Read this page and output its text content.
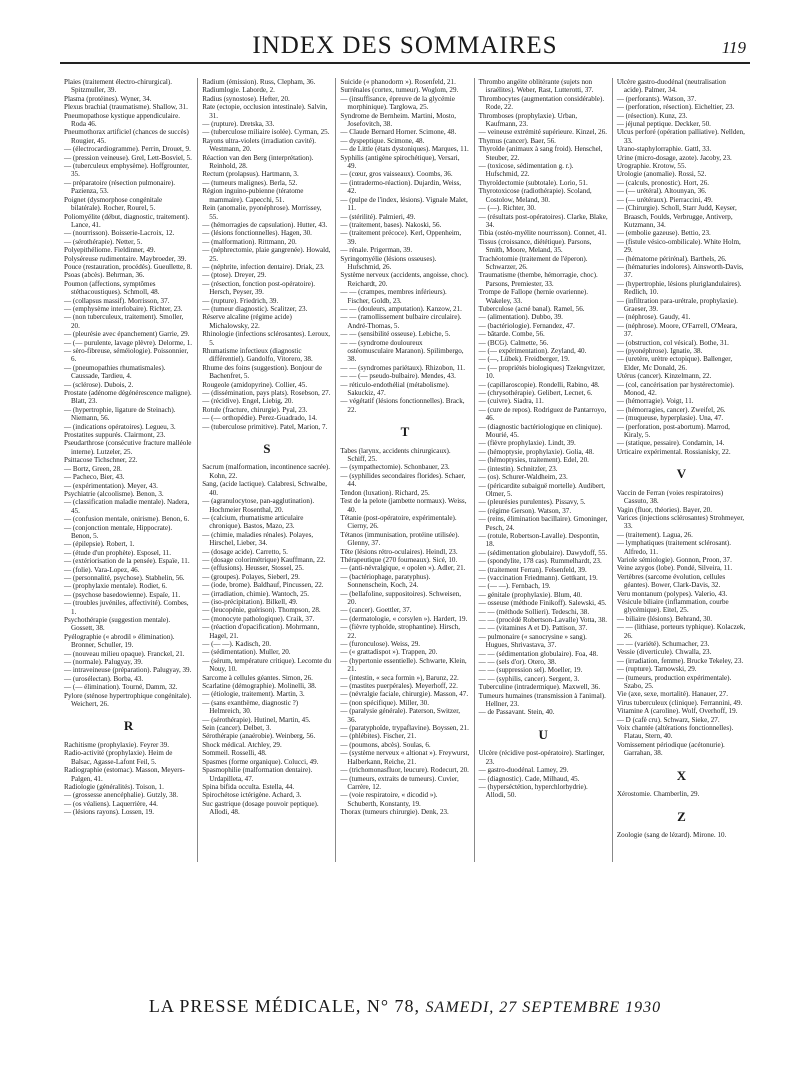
INDEX DES SOMMAIRES	119

Plaies (traitement électro-chirurgical). Spitzmuller, 39.

Plasma (protéines). Wyner, 34.

Plexus brachial (traumatisme). Shallow, 31.

Pneumopathose kystique appendiculaire. Roda 46.

Pneumothorax artificiel (chances de succès) Rougier, 45.

— (électrocardiogramme). Perrin, Drouet, 9.

— (pression veineuse). Grel, Lett-Bosviel, 5.

— (tuberculeux emphysème). Hoffgrounter, 35.

— préparatoire (résection pulmonaire). Pazienza, 53.

Poignet (dysmorphose congénitale bilatérale). Rocher, Rourel, 5.

Poliomyélite (début, diagnostic, traitement). Lance, 41.

— (nourrisson). Boisserie-Lacroix, 12.

— (sérothérapie). Netter, 5.

Polyepithéliome. Fieldinner, 49.

Polyséreuse rudimentaire. Maybroeder, 39.

Pouce (restauration, procédés). Gueullette, 8.

Psoas (abcès). Behrman, 36.

Poumon (affections, symptômes stéthacoustiques). Schmoll, 48.

— (collapsus massif). Morrisson, 37.

— (emphysème interlobaire). Richter, 23.

— (non tuberculeux, traitement). Smoller, 20.

— (pleurésie avec épanchement) Garrie, 29.

— (— purulente, lavage plèvre). Delorme, 1.

— sèro-fibreuse, séméiologie). Poissonnier, 6.

— (pneumopathies rhumatismales). Caussade, Tardieu, 4.

— (sclérose). Dubois, 2.

Prostate (adénome dégénérescence maligne). Blatt, 23.

— (hypertrophie, ligature de Steinach). Niemann, 56.

— (indications opératoires). Legueu, 3.

Prostatites suppurés. Clairmont, 23.

Pseudarthrose (consécutive fracture malléole interne). Lutzeler, 25.

Psittacose Tichschner, 22.

— Bortz, Green, 28.

— Pacheco, Bier, 43.

— (expérimentation). Meyer, 43.

Psychiatrie (alcoolisme). Benon, 3.

— (classification maladie mentale). Nadera, 45.

— (confusion mentale, onirisme). Benon, 6.

— (conjonction mentale, Hippocrate). Benon, 5.

— (épilepsie). Robert, 1.

— (étude d'un prophète). Esposel, 11.

— (extériorisation de la pensée). Espaïe, 11.

— (folie). Vara-Lopez, 46.

— (personnalité, psychose). Stabhelin, 56.

— (prophylaxie mentale). Rodiet, 6.

— (psychose basedowienne). Espaïe, 11.

— (troubles juvéniles, affectivité). Combes, 1.

Psychothérapie (suggestion mentale). Gossett, 38.

Pyélographie (« abrodil » élimination). Bronner, Schuller, 19.

— (nouveau milieu opaque). Franckel, 21.

— (normale). Palugyay, 39.

— intraveineuse (préparation). Palugyay, 39.

— (urosélectan). Borba, 43.

— (— élimination). Tourné, Damm, 32.

Pylore (sténose hypertrophique congénitale). Weichert, 26.

R

Rachitisme (prophylaxie). Feyrer 39.

Radio-activité (prophylaxie). Heim de Balsac, Agasse-Lafont Feil, 5.

Radiographie (estomac). Masson, Meyers-Palgen, 41.

Radiologie (généralités). Toison, 1.

— (grossesse anencéphalie). Gutzly, 38.

— (os véaliens). Laquerrière, 44.

— (lésions rayons). Lossen, 19.

Radium (émission). Russ, Clepham, 36.

Radiumlogie. Laborde, 2.

Radius (synostose). Hefter, 20.

Rate (ectopie, occlusion intestinale). Salvin, 31.

— (rupture). Dretska, 33.

— (tuberculose miliaire isolée). Cyrman, 25.

Rayons ultra-violets (irradiation cavité). Westmann, 20.

Réaction van den Berg (interprétation). Reinhold, 28.

Rectum (prolapsus). Hartmann, 3.

— (tumeurs malignes). Berla, 52.

Région inguino-pubienne (tératome mammaire). Capecchi, 51.

Rein (anomalie, pyonéphrose). Morrissey, 55.

— (hémorragies de capsulation). Hutter, 43.

— (lésions fonctionnelles). Hagen, 30.

— (malformation). Rittmann, 20.

— (néphrectomie, plaie gangrenée). Howald, 25.

— (néphrite, infection dentaire). Driak, 23.

— (ptose). Dreyer, 29.

— (résection, fonction post-opératoire). Hersch, Peyser, 39.

— (rupture). Friedrich, 39.

— (tumeur diagnostic). Scalitzer, 23.

Réserve alcaline (régime acide) Michalowsky, 22.

Rhinologie (infections sclérosantes). Leroux, 5.

Rhumatisme infectieux (diagnostic différentiel). Gandolfo, Vitorero, 38.

Rhume des foins (suggestion). Bonjour de Bachenfret, 5.

Rougeole (amidopyrine). Collier, 45.

— (dissémination, pays plats). Rosebson, 27.

— (récidive). Engel, Liebig, 20.

Rotule (fracture, chirurgie). Pyal, 23.

— (— orthopédie). Perez-Guadrado, 14.

— (tuberculose primitive). Patel, Marion, 7.

S

Sacrum (malformation, incontinence sacrée). Kohn, 22.

Sang, (acide lactique). Calabresi, Schwalbe, 40.

— (agranulocytose, pan-agglutination). Hochmeier Rosenthal, 20.

— (calcium, rhumatisme articulaire chronique). Bastos, Mazo, 23.

— (chimie, maladies rénales). Polayes, Hirschel, Lieber, 34.

— (dosage acide). Carretto, 5.

— (dosage colorimétrique) Kauffmann, 22.

— (effusions). Heusser, Stossel, 25.

— (groupes). Polayes, Sieberl, 29.

— (iode, brome). Baldhauf, Pincussen, 22.

— (irradiation, chimie). Wantoch, 25.

— (iso-précipitation). Bilkell, 49.

— (leucopénie, guérison). Thompson, 28.

— (monocyte pathologique). Craik, 37.

— (réaction d'opacification). Mohrmann, Hagel, 21.

— (— —). Kadisch, 20.

— (sédimentation). Muller, 20.

— (sérum, température critique). Lecomte du Nouy, 10.

Sarcome à cellules géantes. Simon, 26.

Scarlatine (démographie). Molinelli, 38.

— (étiologie, traitement). Martin, 3.

— (sans exanthème, diagnostic ?) Helmreich, 30.

— (sérothérapie). Hutinel, Martin, 45.

Sein (cancer). Delbet, 3.

Sérothérapie (anaérobie). Weinberg, 56.

Shock médical. Atchley, 29.

Sommeil. Rosselli, 48.

Spasmes (forme organique). Colucci, 49.

Spasmophilie (malformation dentaire). Urdapilleta, 47.

Spina bifida occulta. Estella, 44.

Spirochétose ictérigène. Achard, 3.

Suc gastrique (dosage pouvoir peptique). Allodi, 48.

Suicide (« phanodorm »). Rosenfeld, 21.

Surrénales (cortex, tumeur). Woglom, 29.

— (insuffisance, épreuve de la glycémie morphinique). Targlowa, 25.

Syndrome de Bernheim. Martini, Mosto, Josefovitch, 38.

— Claude Bernard Horner. Scimone, 48.

— dyspeptique. Scimone, 48.

— de Little (états dystoniques). Marques, 11.

Syphilis (antigène spirochétique), Versari, 49.

— (cœur, gros vaisseaux). Coombs, 36.

— (intradermo-réaction). Dujardin, Weiss, 42.

— (pulpe de l'index, lésions). Vignale Malet, 11.

— (stérilité). Palmieri, 49.

— (traitement, bases). Nakoski, 56.

— (traitement précoce). Kerl, Oppenheim, 39.

— rénale. Prigerman, 39.

Syringomyélie (lésions osseuses). Hufschmid, 26.

Système nerveux (accidents, angoisse, choc). Reichardt, 20.

— — (crampes, membres inférieurs). Fischer, Goldb, 23.

— — (douleurs, amputation). Kanzow, 21.

— — (ramollissement bulbaire circulaire). André-Thomas, 5.

— — (sensibilité osseuse). Lebiche, 5.

— — (syndrome douloureux ostéomusculaire Maranon). Spilimbergo, 38.

— — (syndromes pariétaux). Rhizobon, 11.

— — (— pseudo-bulbaire). Mendes, 43.

— réticulo-endothélial (métabolisme). Sakuckiz, 47.

— végétatif (lésions fonctionnelles). Brack, 22.

T

Tabes (larynx, accidents chirurgicaux). Schiff, 25.

— (sympathectomie). Schonbauer, 23.

— (syphilides secondaires florides). Schaer, 44.

Tendon (luxation). Richard, 25.

Test de la pelote (jambette normaux). Weiss, 40.

Tétanie (post-opératoire, expérimentale). Cierny, 26.

Tétanos (immunisation, protéine utilisée). Glenny, 37.

Tête (lésions rétro-oculaires). Heindl, 23.

Thérapeutique (270 fourneaux). Sicé, 10.

— (anti-névralgique, « opolen »). Adler, 21.

— (bactériophage, paratyphus). Sonnenschein, Koch, 24.

— (bellafoline, suppositoires). Schweisen, 20.

— (cancer). Goettler, 37.

— (dermatologie, « corsylen »). Hardert, 19.

— (fièvre typhoïde, strophantine). Hirsch, 22.

— (furonculose). Weiss, 29.

— (« grattadispot »). Trappen, 20.

— (hypertonie essentielle). Schwarte, Klein, 21.

— (intestin, « seca formin »), Barunz, 22.

— (mastites puerpérales). Meyerhoff, 22.

— (névralgie faciale, chirurgie). Masson, 47.

— (non spécifique). Miller, 30.

— (paralysie générale). Paterson, Switzer, 36.

— (paratyphoïde, trypaflavine). Boyssen, 21.

— (phlébites). Fischer, 21.

— (poumons, abcès). Soulas, 6.

— (système nerveux « altionat »). Freywurst, Halberkann, Reiche, 21.

— (trichomonasfluor, leucure). Rodecurt, 20.

— (tumeurs, extraits de tumeurs). Cuvier, Carrère, 12.

— (voie respiratoire, « dicodid »). Schuberth, Konstanty, 19.

Thorax (tumeurs chirurgie). Denk, 23.

Thrombo angéite oblitérante (sujets non israélites). Weber, Rast, Lutterotti, 37.

Thrombocytes (augmentation considérable). Rode, 22.

Thromboses (prophylaxie). Urban, Kaufmann, 23.

— veineuse extrémité supérieure. Kinzel, 26.

Thymus (cancer). Baer, 56.

Thyroïde (animaux à sang froid). Henschel, Steuber, 22.

— (toxicose, sédimentation g. r.). Hufschmid, 22.

Thyroïdectomie (subtotale). Lorio, 51.

Thyrotoxicose (radiothérapie). Scoland, Costolow, Meland, 30.

— (—). Richter, 30.

— (résultats post-opératoires). Clarke, Blake, 34.

Tibia (ostéo-myélite nourrisson). Connet, 41.

Tissus (croissance, diététique). Parsons, Smith, Moore, Meland, 35.

Trachéotomie (traitement de l'éperon). Schwarzer, 26.

Traumatisme (thembe, hémorragie, choc). Parsons, Premiester, 33.

Trompe de Fallope (hernie ovarienne). Wakeley, 33.

Tuberculose (acné banal). Ramel, 56.

— (alimentation). Dubbo, 39.

— (bactériologie). Fernandez, 47.

— bâtarde. Combe, 56.

— (BCG). Calmette, 56.

— (— expérimentation). Zeyland, 40.

— (—, Lübek). Freidberger, 19.

— (— propriétés biologiques) Tzekngvitzer, 10.

— (capillaroscopie). Rondelli, Rabino, 48.

— (chrysothérapie). Gelibert, Lecnet, 6.

— (cuivre). Siadra, 11.

— (cure de repos). Rodriguez de Pantarroyo, 46.

— (diagnostic bactériologique en clinique). Mourié, 45.

— (fièvre prophylaxie). Lindt, 39.

— (hémoptysie, prophylaxie). Golia, 48.

— (hémoptysies, traitement). Edel, 20.

— (intestin). Schnitzler, 23.

— (os). Schurer-Waldheim, 23.

— (péricardite subaiguë mortelle). Audibert, Olmer, 5.

— (pleurésies purulentes). Pissavy, 5.

— (régime Gerson). Watson, 37.

— (reins, élimination bacillaire). Gmoninger, Pesch, 24.

— (rotule, Robertson-Lavalle). Despontin, 18.

— (sédimentation globulaire). Dawydoff, 55.

— (spondylite, 178 cas). Rummelhardt, 23.

— (traitement Ferran). Felsenfeld, 39.

— (vaccination Friedmann). Gettkant, 19.

— (— —). Fernbach, 19.

— génitale (prophylaxie). Blum, 40.

— osseuse (méthode Finikoff). Salewski, 45.

— — (méthode Sollieri). Tedeschi, 38.

— — (procédé Robertson-Lavalle) Votta, 38.

— — (vitamines A et D). Pattison, 37.

— pulmonaire (« sanocrysine » sang). Hugues, Shrivastava, 37.

— — (sédimentation globulaire). Foa, 48.

— — (sels d'or). Otero, 38.

— — (suppression sel). Moeller, 19.

— — (syphilis, cancer). Sergent, 3.

Tuberculine (intradermique). Maxwell, 36.

Tumeurs humaines (transmission à l'animal). Hellner, 23.

— de Passavant. Stein, 40.

U

Ulcère (récidive post-opératoire). Starlinger, 23.

— gastro-duodénal. Lamey, 29.

— (diagnostic). Cade, Milhaud, 45.

— (hyperséctétion, hyperchlorhydrie). Allodi, 50.

Ulcère gastro-duodénal (neutralisation acide). Palmer, 34.

— (perforants). Watson, 37.

— (perforation, résection). Eicheltier, 23.

— (résection). Kunz, 23.

— jéjunal peptique. Deckker, 50.

Ulcus perforé (opération palliative). Nellden, 33.

Urano-staphylorraphie. Gattl, 33.

Urine (micro-dosage, azote). Jacoby, 23.

Urographie. Krotow, 55.

Urologie (anomalie). Rossi, 52.

— (calculs, pronostic). Hort, 26.

— (— urétéral). Altounyan, 36.

— (— urétéraux). Pierraccini, 49.

— (Chirurgie). Scholl, Starr Judd, Keyser, Braasch, Foulds, Verbrugge, Antiverp, Kutzmann, 34.

— (embolie gazeuse). Bettio, 23.

— (fistule vésico-ombilicale). White Holm, 29.

— (hématome périrénal). Barthels, 26.

— (hématuries indolores). Ainsworth-Davis, 37.

— (hypertrophie, lésions pluriglandulaires). Redlich, 10.

— (infiltration para-urétrale, prophylaxie). Graeser, 39.

— (néphrose). Gaudy, 41.

— (néphrose). Moore, O'Farrell, O'Meara, 37.

— (obstruction, col vésical). Bothe, 31.

— (pyonéphrose). Ignatie, 38.

— (uretère, urètre ectopique). Ballenger, Elder, Mc Donald, 26.

Utérus (cancer). Kinzelmann, 22.

— (col, cancérisation par hystérectomie). Monod, 42.

— (hémorragie). Voigt, 11.

— (hémorragies, cancer). Zweifel, 26.

— (muqueuse, hyperplasie). Una, 47.

— (perforation, post-abortum). Marrod, Kiraly, 5.

— (statique, pessaire). Condamin, 14.

Urticaire expérimental. Rossianisky, 22.

V

Vaccin de Ferran (voies respiratoires) Cassuto, 38.

Vagin (fluor, théories). Bayer, 20.

Varices (injections sclérosantes) Strohmeyer, 33.

— (traitement). Lagua, 26.

— lymphatiques (traitement sclérosant). Alfredo, 11.

Variole sémiologie). Gonnon, Proon, 37.

Veine azygos (lobe). Pondé, Silveira, 11.

Vertèbres (sarcome évolution, cellules géantes). Bower, Clark-Davis, 32.

Veru montanum (polypes). Valerio, 43.

Vésicule biliaire (inflammation, courbe glycémique). Eitel, 25.

— biliaire (lésions). Behrand, 30.

— — (lithiase, porteurs typhique). Kolaczek, 26.

— — (variété). Schumacher, 23.

Vessie (diverticule). Chwalla, 23.

— (irradiation, femme). Brucke Tekeley, 23.

— (rupture). Tarnowski, 29.

— (tumeurs, production expérimentale). Szabo, 25.

Vie (axe, sexe, mortalité). Hanauer, 27.

Virus tuberculeux (clinique). Ferrannini, 49.

Vitamine A (caroline). Wolf, Overhoff, 19.

— D (cafè cru). Schwarz, Sieke, 27.

Voix chantée (altérations fonctionnelles). Flatau, Stern, 40.

Vomissement périodique (acétonurie). Garrahan, 38.

X

Xérostomie. Chamberlin, 29.

Z

Zoologie (sang de lézard). Mirone. 10.

LA PRESSE MÉDICALE, N° 78, SAMEDI, 27 SEPTEMBRE 1930
